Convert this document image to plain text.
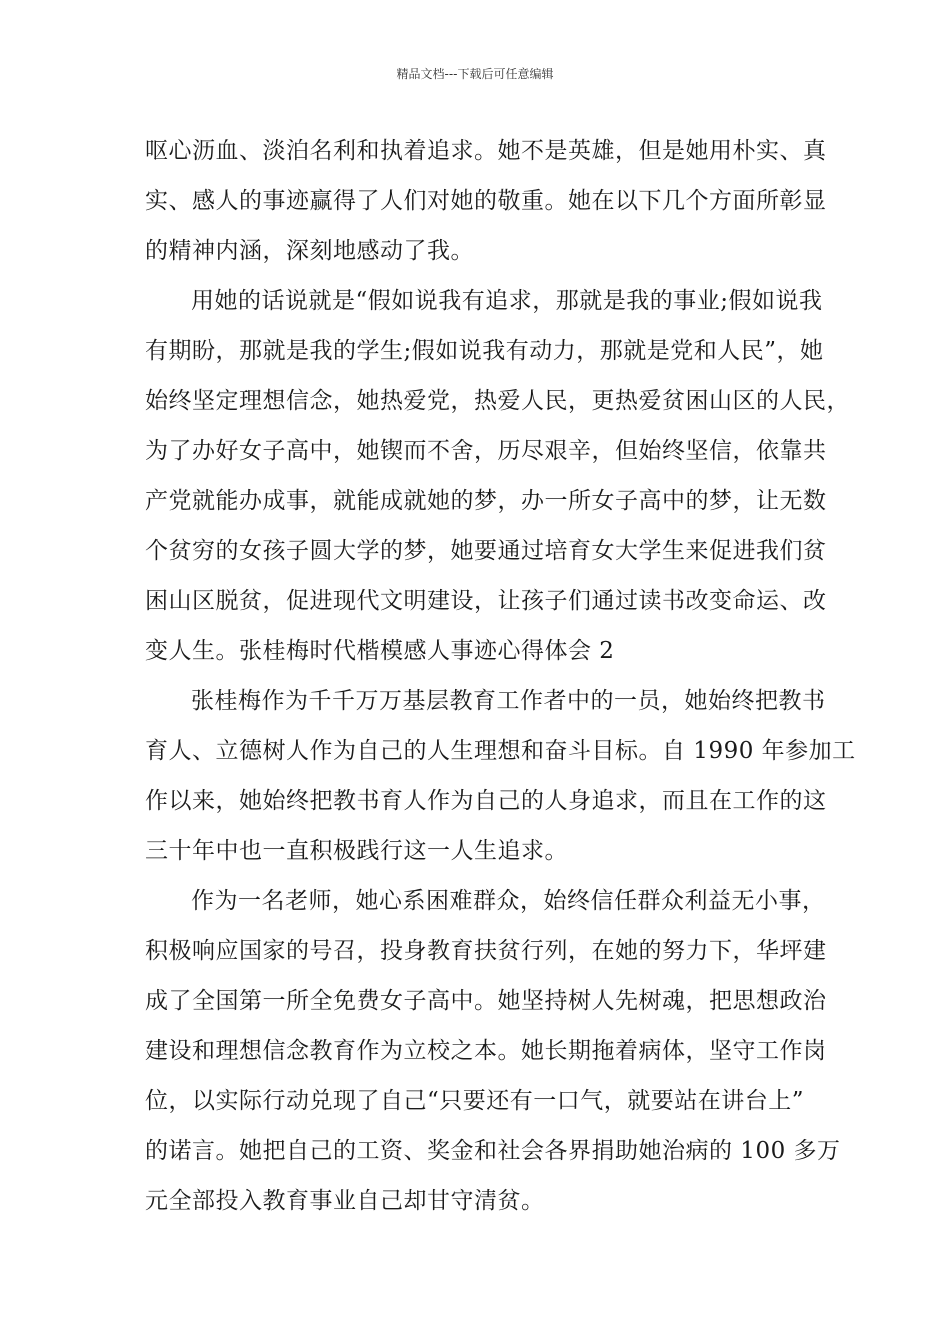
精品文档---下载后可任意编辑
呕心沥血、淡泊名利和执着追求。她不是英雄，但是她用朴实、真
实、感人的事迹赢得了人们对她的敬重。她在以下几个方面所彰显
的精神内涵，深刻地感动了我。
用她的话说就是“假如说我有追求，那就是我的事业;假如说我
有期盼，那就是我的学生;假如说我有动力，那就是党和人民”，她
始终坚定理想信念，她热爱党，热爱人民，更热爱贫困山区的人民，
为了办好女子高中，她锲而不舍，历尽艰辛，但始终坚信，依靠共
产党就能办成事，就能成就她的梦，办一所女子高中的梦，让无数
个贫穷的女孩子圆大学的梦，她要通过培育女大学生来促进我们贫
困山区脱贫，促进现代文明建设，让孩子们通过读书改变命运、改
变人生。张桂梅时代楷模感人事迹心得体会 2
张桂梅作为千千万万基层教育工作者中的一员，她始终把教书
育人、立德树人作为自己的人生理想和奋斗目标。自 1990 年参加工
作以来，她始终把教书育人作为自己的人身追求，而且在工作的这
三十年中也一直积极践行这一人生追求。
作为一名老师，她心系困难群众，始终信任群众利益无小事，
积极响应国家的号召，投身教育扶贫行列，在她的努力下，华坪建
成了全国第一所全免费女子高中。她坚持树人先树魂，把思想政治
建设和理想信念教育作为立校之本。她长期拖着病体，坚守工作岗
位，以实际行动兑现了自己“只要还有一口气，就要站在讲台上”
的诺言。她把自己的工资、奖金和社会各界捐助她治病的 100 多万
元全部投入教育事业自己却甘守清贫。
